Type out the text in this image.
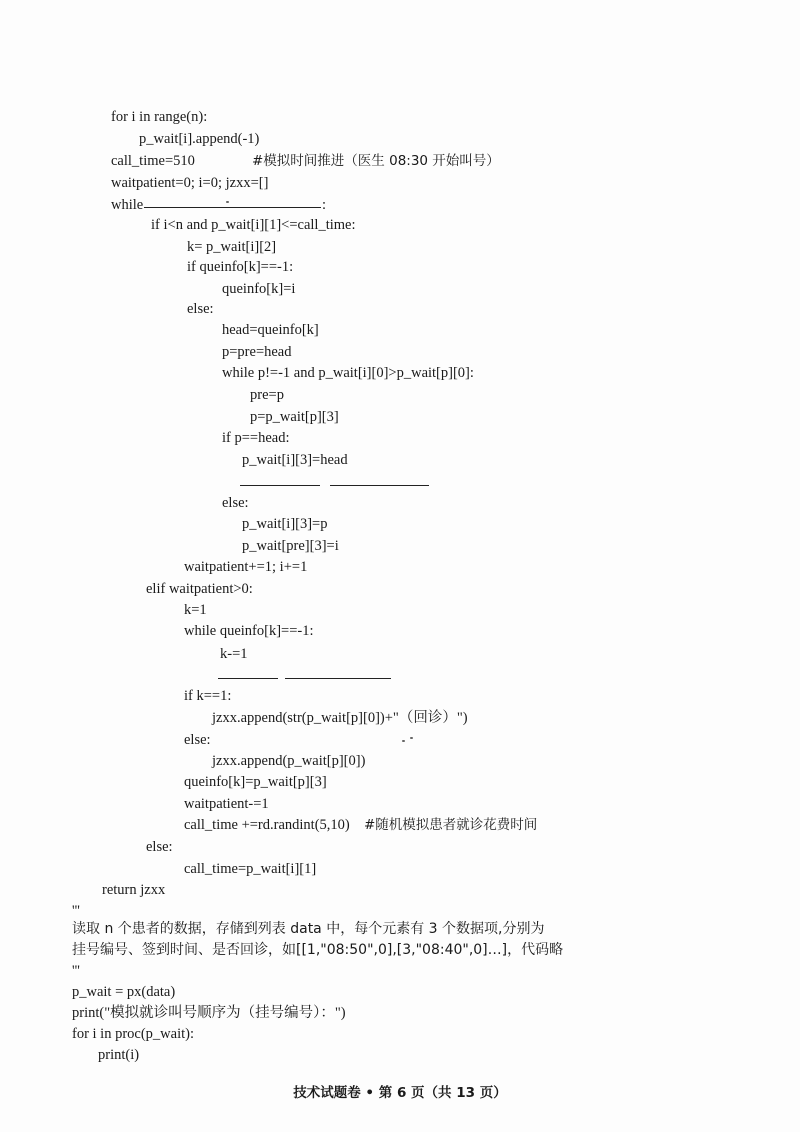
for i in range(n):
p_wait[i].append(-1)
call_time=510	#模拟时间推进（医生 08:30 开始叫号）
waitpatient=0; i=0; jzxx=[]
while	:
if i<n and p_wait[i][1]<=call_time:
k= p_wait[i][2]
if queinfo[k]==-1:
queinfo[k]=i
else:
head=queinfo[k]
p=pre=head
while p!=-1 and p_wait[i][0]>p_wait[p][0]:
pre=p
p=p_wait[p][3]
if p==head:
p_wait[i][3]=head
else:
p_wait[i][3]=p
p_wait[pre][3]=i
waitpatient+=1; i+=1
elif waitpatient>0:
k=1
while queinfo[k]==-1:
k-=1
if k==1:
jzxx.append(str(p_wait[p][0])+"（回诊）")
else:
jzxx.append(p_wait[p][0])
queinfo[k]=p_wait[p][3]
waitpatient-=1
call_time +=rd.randint(5,10) #随机模拟患者就诊花费时间
else:
call_time=p_wait[i][1]
return jzxx
'''
读取 n 个患者的数据，存储到列表 data 中，每个元素有 3 个数据项,分别为
挂号编号、签到时间、是否回诊，如[[1,"08:50",0],[3,"08:40",0]…]，代码略
'''
p_wait = px(data)
print("模拟就诊叫号顺序为（挂号编号）：")
for i in proc(p_wait):
print(i)
技术试题卷 • 第 6 页（共 13 页）
